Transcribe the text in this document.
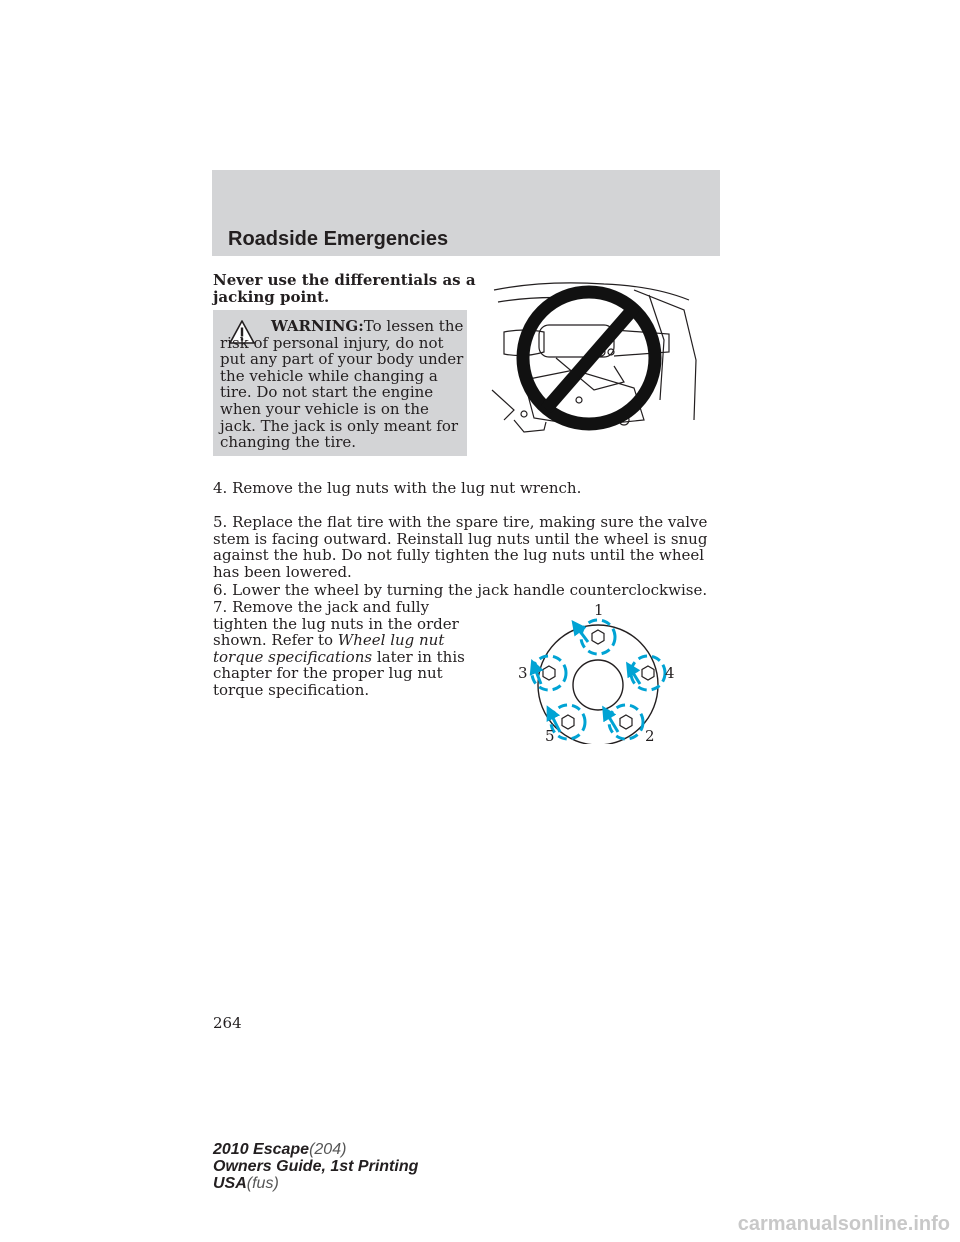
Roadside Emergencies

Never use the differentials as a jacking point.

WARNING:To lessen the risk of personal injury, do not put any part of your body under the vehicle while changing a tire. Do not start the engine when your vehicle is on the jack. The jack is only meant for changing the tire.

4. Remove the lug nuts with the lug nut wrench.

5. Replace the flat tire with the spare tire, making sure the valve stem is facing outward. Reinstall lug nuts until the wheel is snug against the hub. Do not fully tighten the lug nuts until the wheel has been lowered.

6. Lower the wheel by turning the jack handle counterclockwise.

7. Remove the jack and fully tighten the lug nuts in the order shown. Refer to Wheel lug nut torque specifications later in this chapter for the proper lug nut torque specification.

1
3	4
5	2

264

2010 Escape(204)
Owners Guide, 1st Printing
USA(fus)
carmanualsonline.info
